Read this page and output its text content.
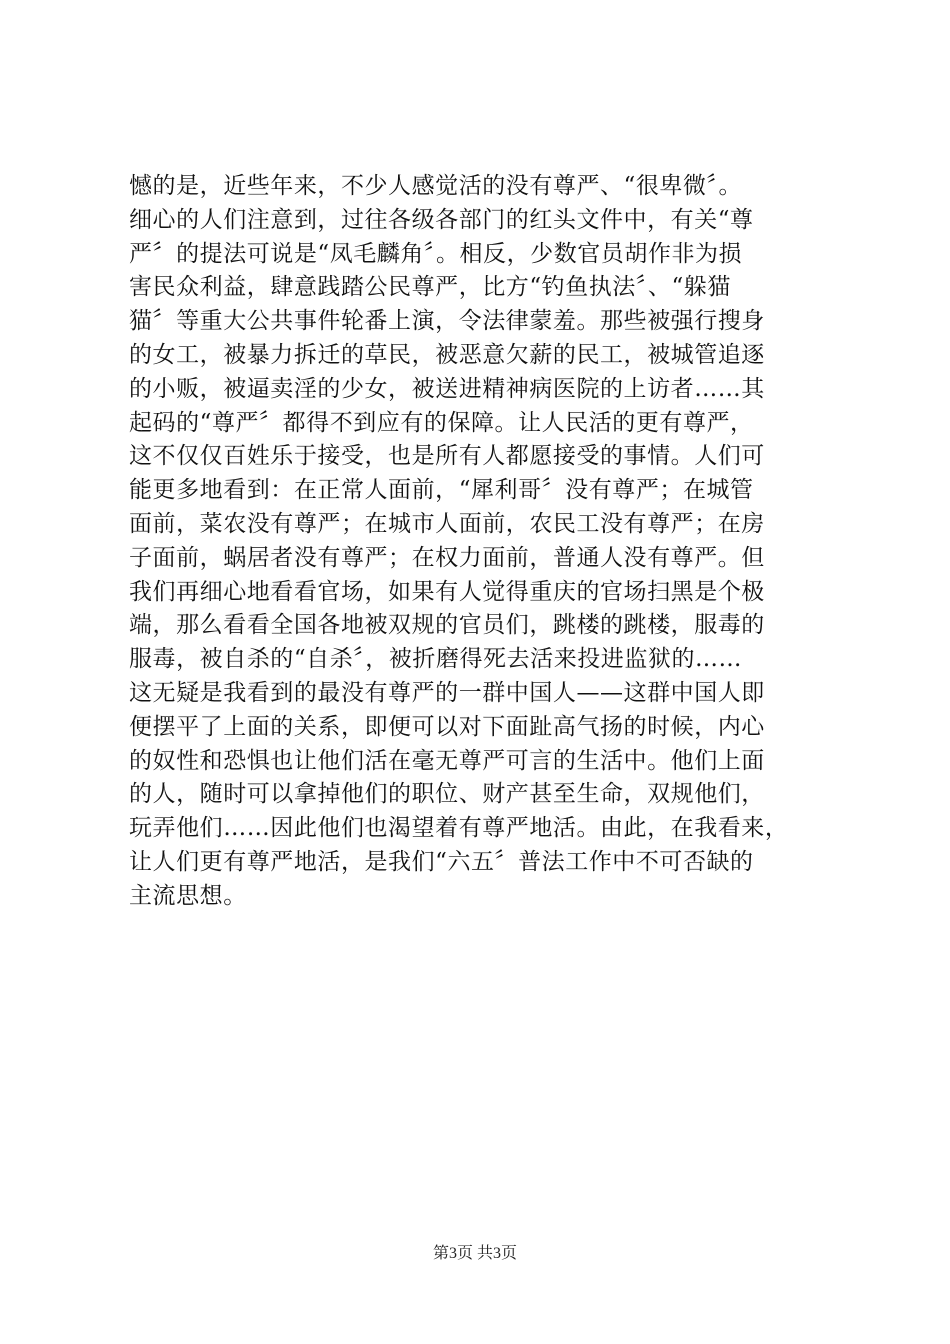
憾的是，近些年来，不少人感觉活的没有尊严、“很卑微〞。
细心的人们注意到，过往各级各部门的红头文件中，有关“尊
严〞的提法可说是“凤毛麟角〞。相反，少数官员胡作非为损
害民众利益，肆意践踏公民尊严，比方“钓鱼执法〞、“躲猫
猫〞等重大公共事件轮番上演，令法律蒙羞。那些被强行搜身
的女工，被暴力拆迁的草民，被恶意欠薪的民工，被城管追逐
的小贩，被逼卖淫的少女，被送进精神病医院的上访者……其
起码的“尊严〞都得不到应有的保障。让人民活的更有尊严，
这不仅仅百姓乐于接受，也是所有人都愿接受的事情。人们可
能更多地看到：在正常人面前，“犀利哥〞没有尊严；在城管
面前，菜农没有尊严；在城市人面前，农民工没有尊严；在房
子面前，蜗居者没有尊严；在权力面前，普通人没有尊严。但
我们再细心地看看官场，如果有人觉得重庆的官场扫黑是个极
端，那么看看全国各地被双规的官员们，跳楼的跳楼，服毒的
服毒，被自杀的“自杀〞，被折磨得死去活来投进监狱的……
这无疑是我看到的最没有尊严的一群中国人——这群中国人即
便摆平了上面的关系，即便可以对下面趾高气扬的时候，内心
的奴性和恐惧也让他们活在毫无尊严可言的生活中。他们上面
的人，随时可以拿掉他们的职位、财产甚至生命，双规他们，
玩弄他们……因此他们也渴望着有尊严地活。由此，在我看来，
让人们更有尊严地活，是我们“六五〞普法工作中不可否缺的
主流思想。
第3页 共3页
